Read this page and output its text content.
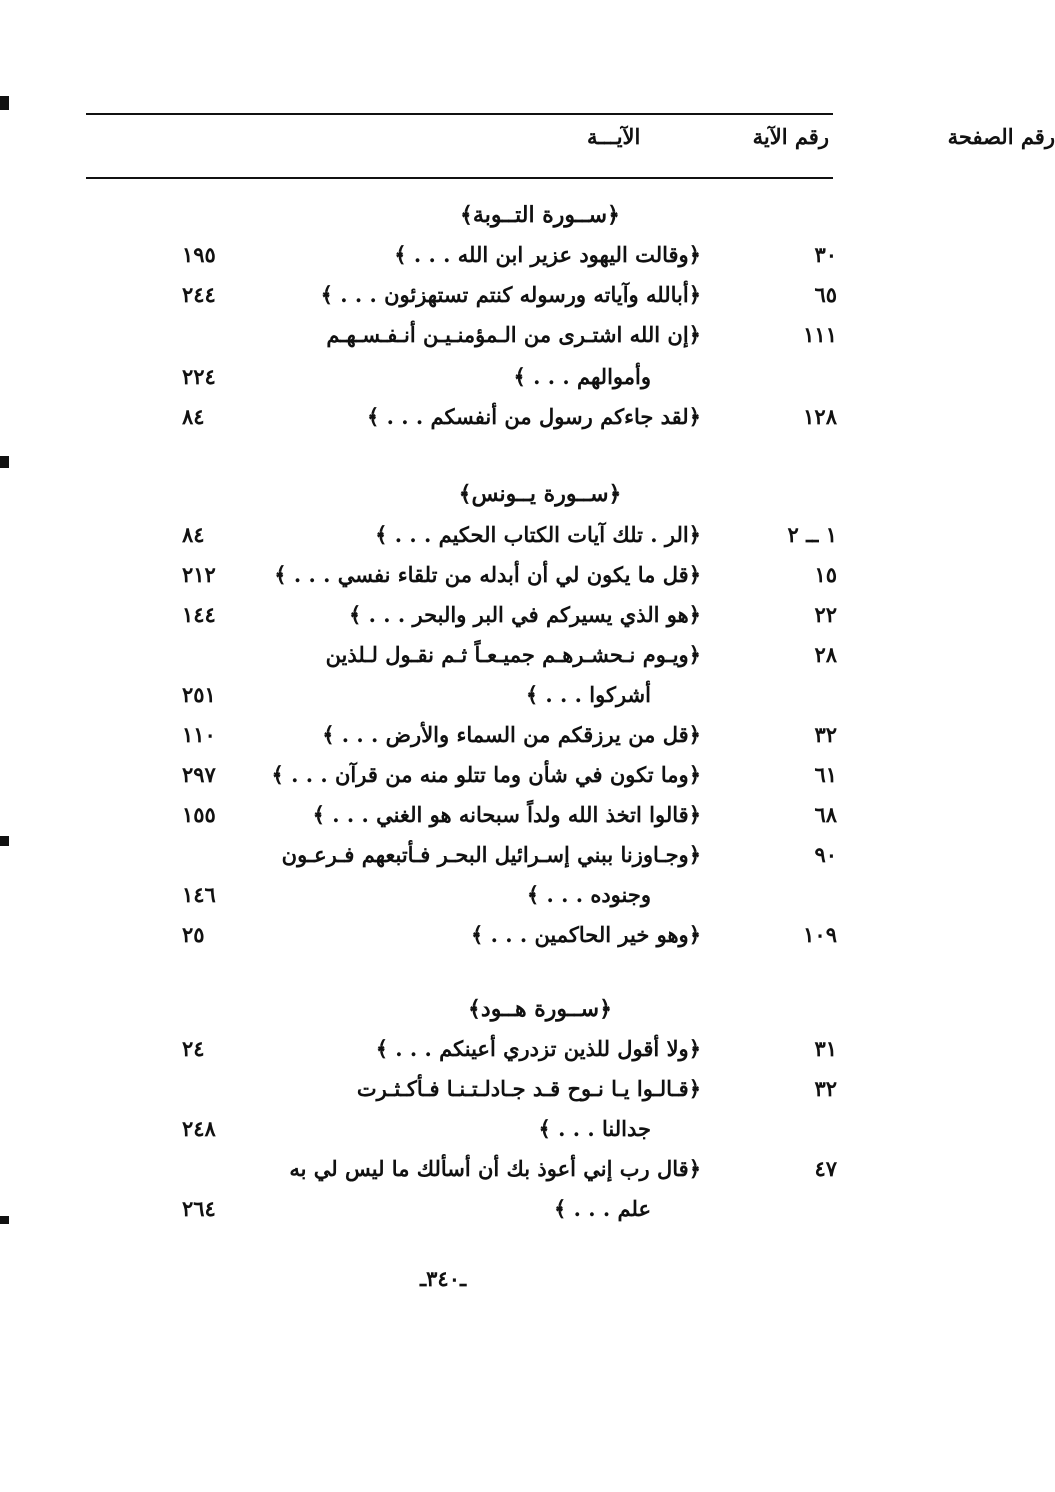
رقم الآية
الآيـــة	رقم الصفحة
﴿ســورة التــوبة﴾
٣٠
﴿وقالت اليهود عزير ابن الله . . . ﴾
١٩٥
٦٥
﴿أبالله وآياته ورسوله كنتم تستهزئون . . . ﴾
٢٤٤
١١١
﴿إن الله اشتـرى من الـمؤمنـيـن أنـفـسـهـم
وأموالهم . . . ﴾
٢٢٤
١٢٨
﴿لقد جاءكم رسول من أنفسكم . . . ﴾
٨٤
﴿ســورة يــونس﴾
١ ــ ٢
﴿الر . تلك آيات الكتاب الحكيم . . . ﴾
٨٤
١٥
﴿قل ما يكون لي أن أبدله من تلقاء نفسي . . . ﴾
٢١٢
٢٢
﴿هو الذي يسيركم في البر والبحر . . . ﴾
١٤٤
٢٨
﴿ويـوم نـحشـرهـم جميـعـاً ثـم نقـول لـلذين
أشركوا . . . ﴾
٢٥١
٣٢
﴿قل من يرزقكم من السماء والأرض . . . ﴾
١١٠
٦١
﴿وما تكون في شأن وما تتلو منه من قرآن . . . ﴾
٢٩٧
٦٨
﴿قالوا اتخذ الله ولداً سبحانه هو الغني . . . ﴾
١٥٥
٩٠
﴿وجـاوزنا ببني إسـرائيل البحـر فـأتبعهم فـرعـون
وجنوده . . . ﴾
١٤٦
١٠٩
﴿وهو خير الحاكمين . . . ﴾
٢٥
﴿ســورة هــود﴾
٣١
﴿ولا أقول للذين تزدري أعينكم . . . ﴾
٢٤
٣٢
﴿قـالـوا يـا نـوح قـد جـادلـتـنـا فـأكـثـرت
جدالنا . . . ﴾
٢٤٨
٤٧
﴿قال رب إني أعوذ بك أن أسألك ما ليس لي به
علم . . . ﴾
٢٦٤
ـ٣٤٠ـ
